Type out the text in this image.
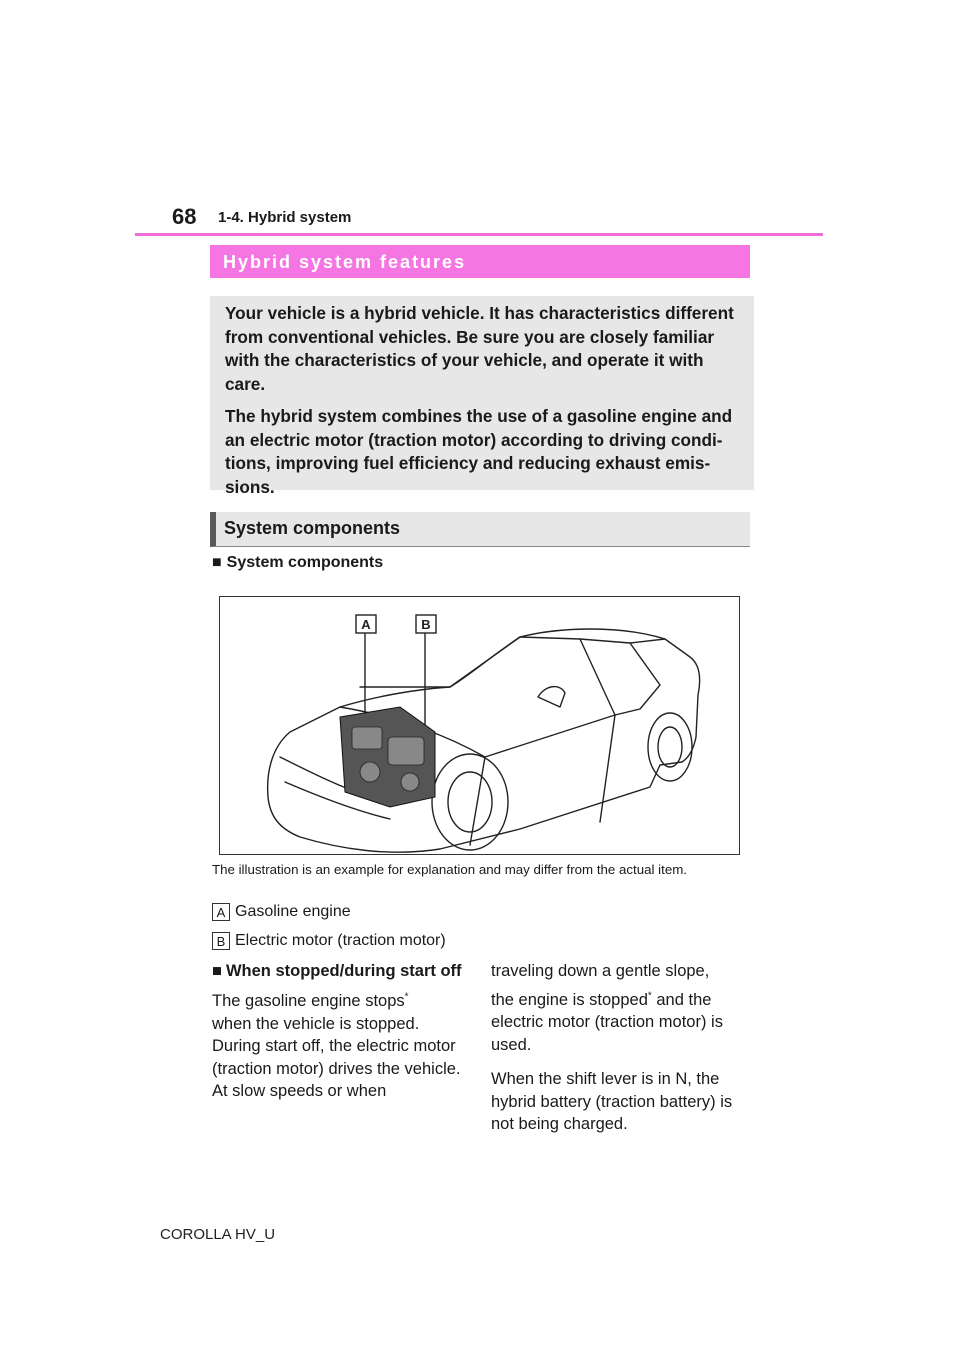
68 1-4. Hybrid system
Hybrid system features

Your vehicle is a hybrid vehicle. It has characteristics different from conventional vehicles. Be sure you are closely familiar with the characteristics of your vehicle, and operate it with care.

The hybrid system combines the use of a gasoline engine and an electric motor (traction motor) according to driving condi-tions, improving fuel efficiency and reducing exhaust emis-sions.

System components
■ System components
A	B
The illustration is an example for explanation and may differ from the actual item.
A Gasoline engine
B Electric motor (traction motor)
■ When stopped/during start off

The gasoline engine stops*
when the vehicle is stopped. During start off, the electric motor (traction motor) drives the vehicle. At slow speeds or when

traveling down a gentle slope,

the engine is stopped* and the electric motor (traction motor) is used.

When the shift lever is in N, the hybrid battery (traction battery) is not being charged.

COROLLA HV_U
